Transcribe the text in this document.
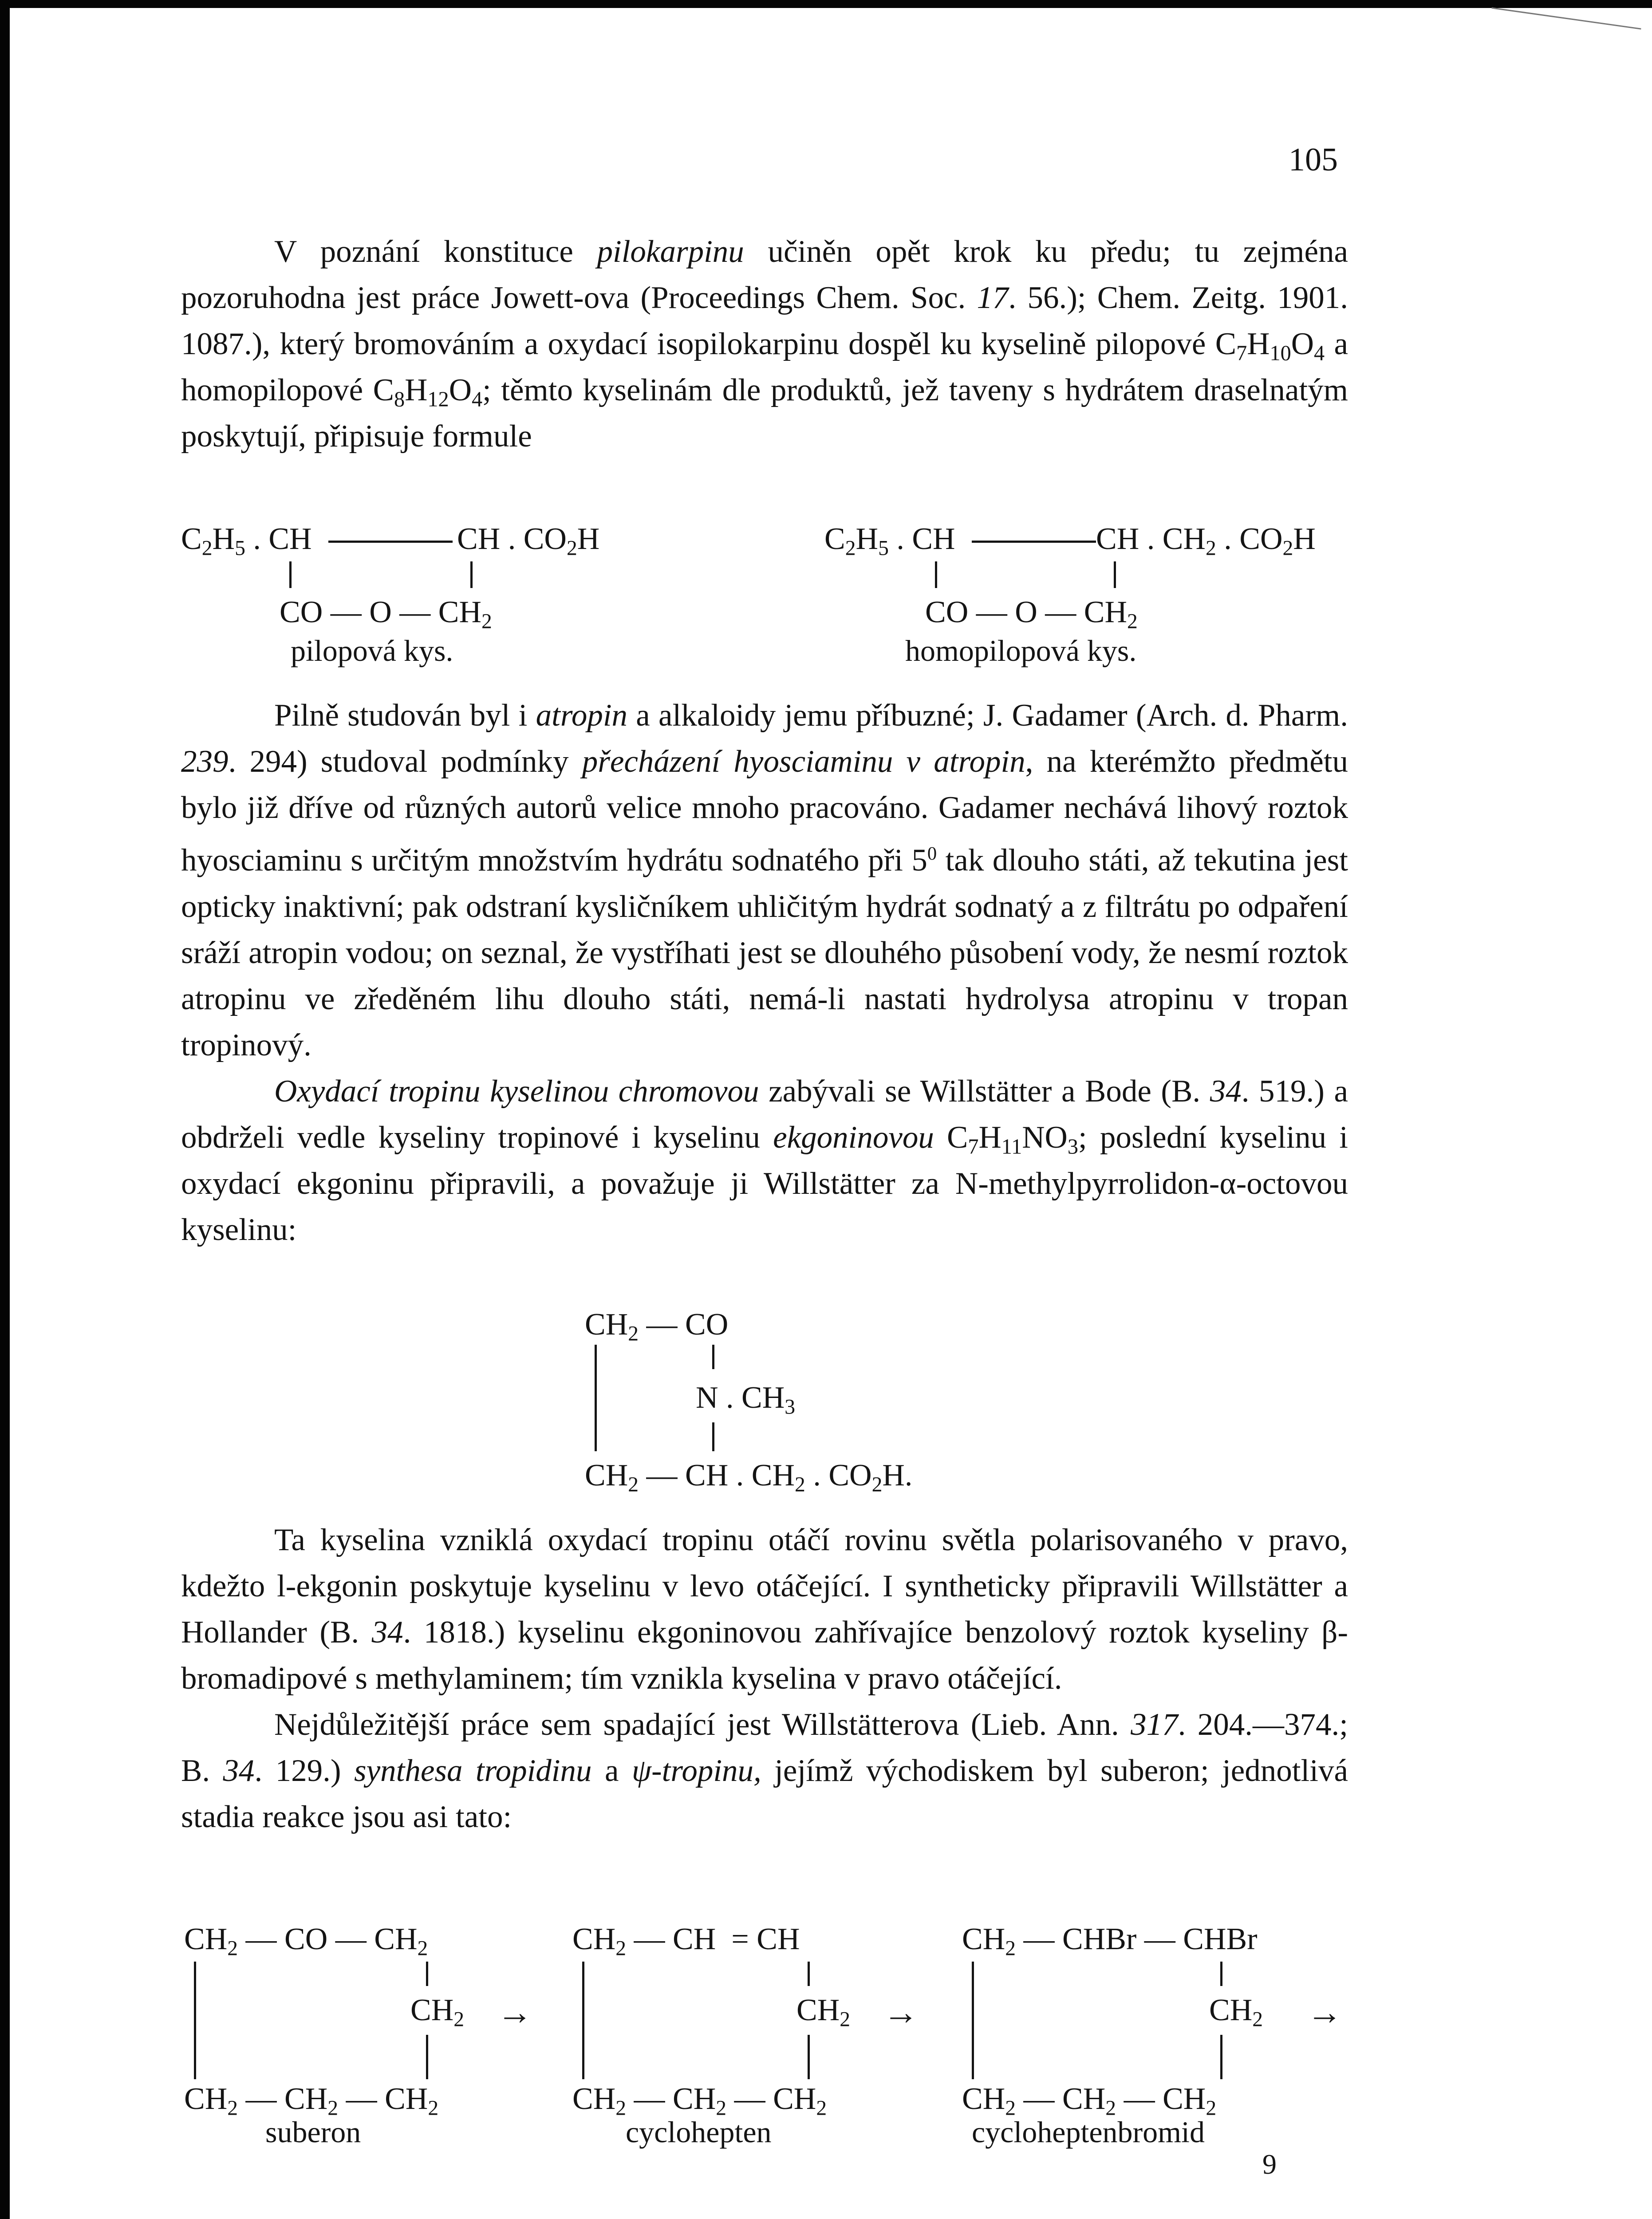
105

V poznání konstituce pilokarpinu učiněn opět krok ku předu; tu zejména pozoruhodna jest práce Jowett-ova (Proceedings Chem. Soc. 17. 56.); Chem. Zeitg. 1901. 1087.), který bromováním a oxydací isopilokarpinu dospěl ku kyselině pilopové $C_7H_{10}O_4$ a homopilopové $C_8H_{12}O_4$; těmto kyselinám dle produktů, jež taveny s hydrátem draselnatým poskytují, připisuje formule

$C_2H_5$ . CH	CH . $CO_2H$
CO — O — $CH_2$
pilopová kys.
$C_2H_5$ . CH	CH . $CH_2$ . $CO_2H$
CO — O — $CH_2$
homopilopová kys.

Pilně studován byl i atropin a alkaloidy jemu příbuzné; J. Gadamer (Arch. d. Pharm. 239. 294) studoval podmínky přecházení hyosciaminu v atropin, na kterémžto předmětu bylo již dříve od různých autorů velice mnoho pracováno. Gadamer nechává lihový roztok hyosciaminu s určitým množstvím hydrátu sodnatého při $5^0$ tak dlouho státi, až tekutina jest opticky inaktivní; pak odstraní kysličníkem uhličitým hydrát sodnatý a z filtrátu po odpaření sráží atropin vodou; on seznal, že vystříhati jest se dlouhého působení vody, že nesmí roztok atropinu ve zředěném lihu dlouho státi, nemá-li nastati hydrolysa atropinu v tropan tropinový.

Oxydací tropinu kyselinou chromovou zabývali se Willstätter a Bode (B. 34. 519.) a obdrželi vedle kyseliny tropinové i kyselinu ekgoninovou $C_7H_{11}NO_3$; poslední kyselinu i oxydací ekgoninu připravili, a považuje ji Willstätter za N-methylpyrrolidon-α-octovou kyselinu:

$CH_2$ — CO
N . $CH_3$
$CH_2$ — CH . $CH_2$ . $CO_2H$.

Ta kyselina vzniklá oxydací tropinu otáčí rovinu světla polarisovaného v pravo, kdežto l-ekgonin poskytuje kyselinu v levo otáčející. I syntheticky připravili Willstätter a Hollander (B. 34. 1818.) kyselinu ekgoninovou zahřívajíce benzolový roztok kyseliny β-bromadipové s methylaminem; tím vznikla kyselina v pravo otáčející.

Nejdůležitější práce sem spadající jest Willstätterova (Lieb. Ann. 317. 204.—374.; B. 34. 129.) synthesa tropidinu a ψ-tropinu, jejímž východiskem byl suberon; jednotlivá stadia reakce jsou asi tato:

$CH_2$ — CO — $CH_2$
$CH_2$
$CH_2$ — $CH_2$ — $CH_2$
suberon
→
$CH_2$ — CH  = CH
$CH_2$
$CH_2$ — $CH_2$ — $CH_2$
cyclohepten
→
$CH_2$ — CHBr — CHBr
$CH_2$
$CH_2$ — $CH_2$ — $CH_2$
cycloheptenbromid
→
9
